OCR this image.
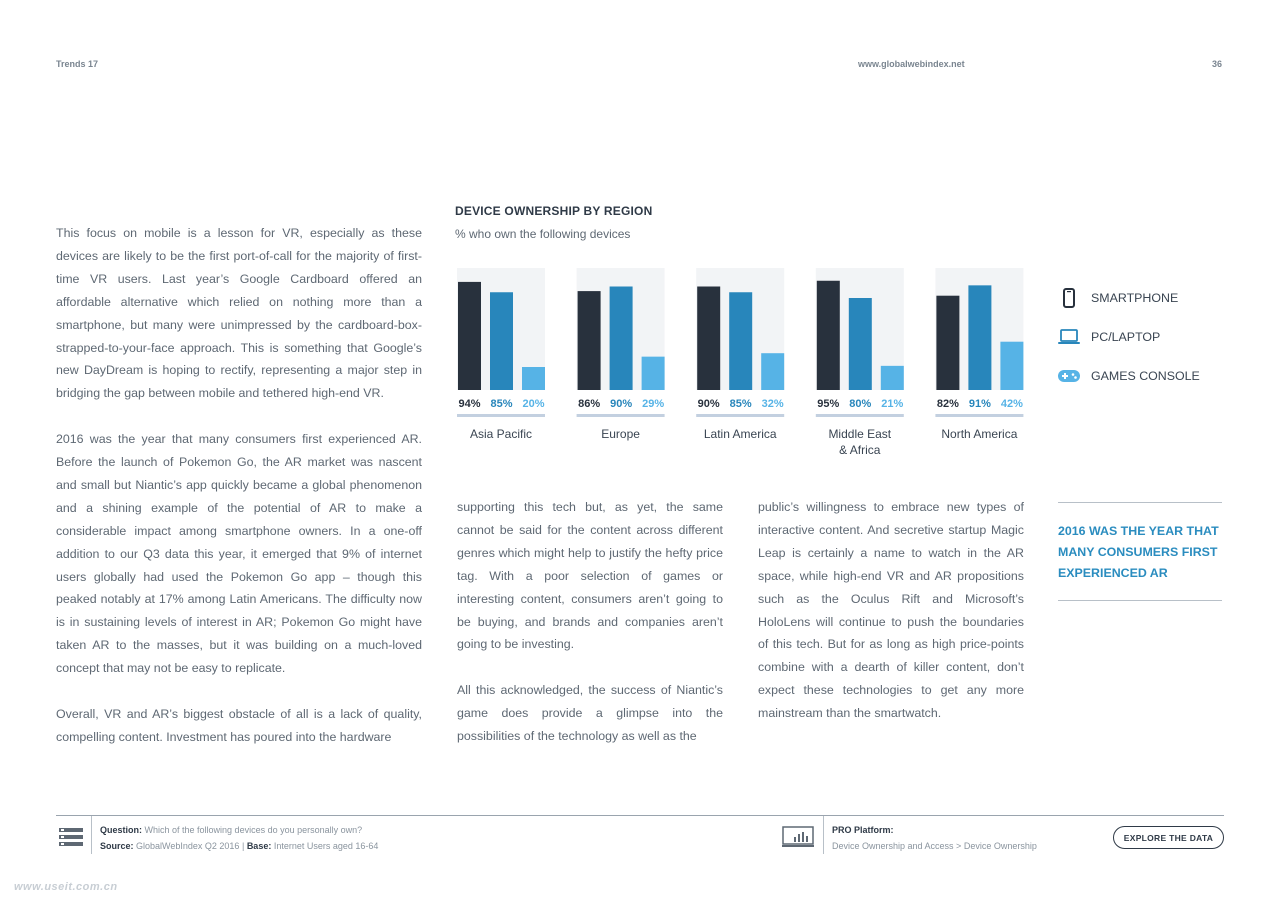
Trends 17	www.globalwebindex.net	36

This focus on mobile is a lesson for VR, especially as these devices are likely to be the first port-of-call for the majority of first-time VR users. Last year’s Google Cardboard offered an affordable alternative which relied on nothing more than a smartphone, but many were unimpressed by the cardboard-box-strapped-to-your-face approach. This is something that Google’s new DayDream is hoping to rectify, representing a major step in bridging the gap between mobile and tethered high-end VR.

2016 was the year that many consumers first experienced AR. Before the launch of Pokemon Go, the AR market was nascent and small but Niantic’s app quickly became a global phenomenon and a shining example of the potential of AR to make a considerable impact among smartphone owners. In a one-off addition to our Q3 data this year, it emerged that 9% of internet users globally had used the Pokemon Go app – though this peaked notably at 17% among Latin Americans. The difficulty now is in sustaining levels of interest in AR; Pokemon Go might have taken AR to the masses, but it was building on a much-loved concept that may not be easy to replicate.

Overall, VR and AR’s biggest obstacle of all is a lack of quality, compelling content. Investment has poured into the hardware

DEVICE OWNERSHIP BY REGION
% who own the following devices
94% 85% 20%
Asia Pacific
86% 90% 29%
Europe
90% 85% 32%
Latin America
95% 80% 21%
Middle East
& Africa
82% 91% 42%
North America
SMARTPHONE
PC/LAPTOP
GAMES CONSOLE

supporting this tech but, as yet, the same cannot be said for the content across different genres which might help to justify the hefty price tag. With a poor selection of games or interesting content, consumers aren’t going to be buying, and brands and companies aren’t going to be investing.

All this acknowledged, the success of Niantic’s game does provide a glimpse into the possibilities of the technology as well as the

public’s willingness to embrace new types of interactive content. And secretive startup Magic Leap is certainly a name to watch in the AR space, while high-end VR and AR propositions such as the Oculus Rift and Microsoft’s HoloLens will continue to push the boundaries of this tech. But for as long as high price-points combine with a dearth of killer content, don’t expect these technologies to get any more mainstream than the smartwatch.

2016 WAS THE YEAR THAT MANY CONSUMERS FIRST EXPERIENCED AR
Question: Which of the following devices do you personally own?
Source: GlobalWebIndex Q2 2016 | Base: Internet Users aged 16-64
PRO Platform:
Device Ownership and Access > Device Ownership
EXPLORE THE DATA
www.useit.com.cn
